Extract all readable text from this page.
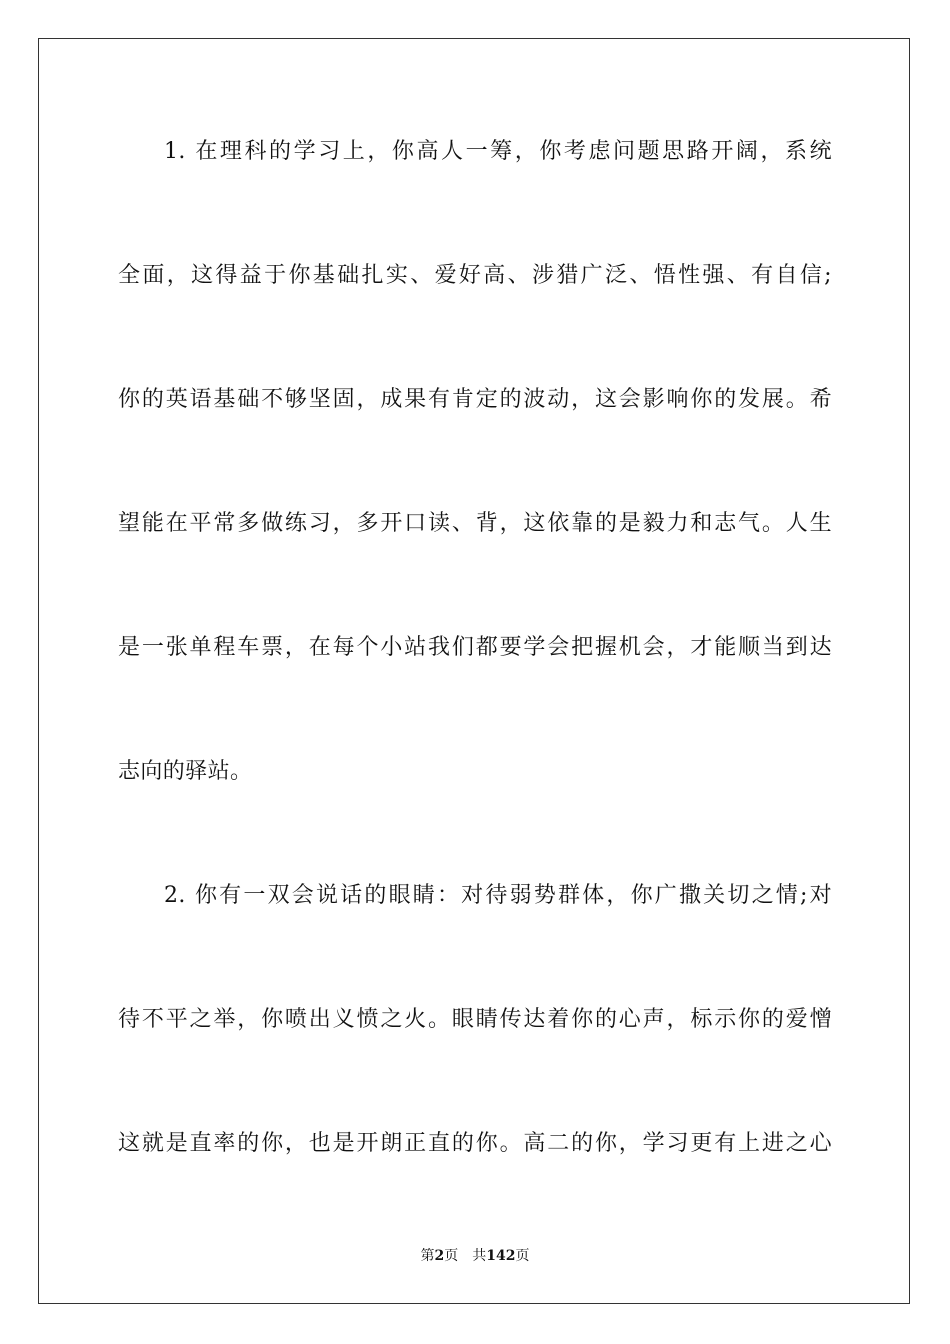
1. 在理科的学习上，你高人一筹，你考虑问题思路开阔，系统
全面，这得益于你基础扎实、爱好高、涉猎广泛、悟性强、有自信;
你的英语基础不够坚固，成果有肯定的波动，这会影响你的发展。希
望能在平常多做练习，多开口读、背，这依靠的是毅力和志气。人生
是一张单程车票，在每个小站我们都要学会把握机会，才能顺当到达
志向的驿站。
2. 你有一双会说话的眼睛：对待弱势群体，你广撒关切之情;对
待不平之举，你喷出义愤之火。眼睛传达着你的心声，标示你的爱憎
这就是直率的你，也是开朗正直的你。高二的你，学习更有上进之心
第2页 共142页
